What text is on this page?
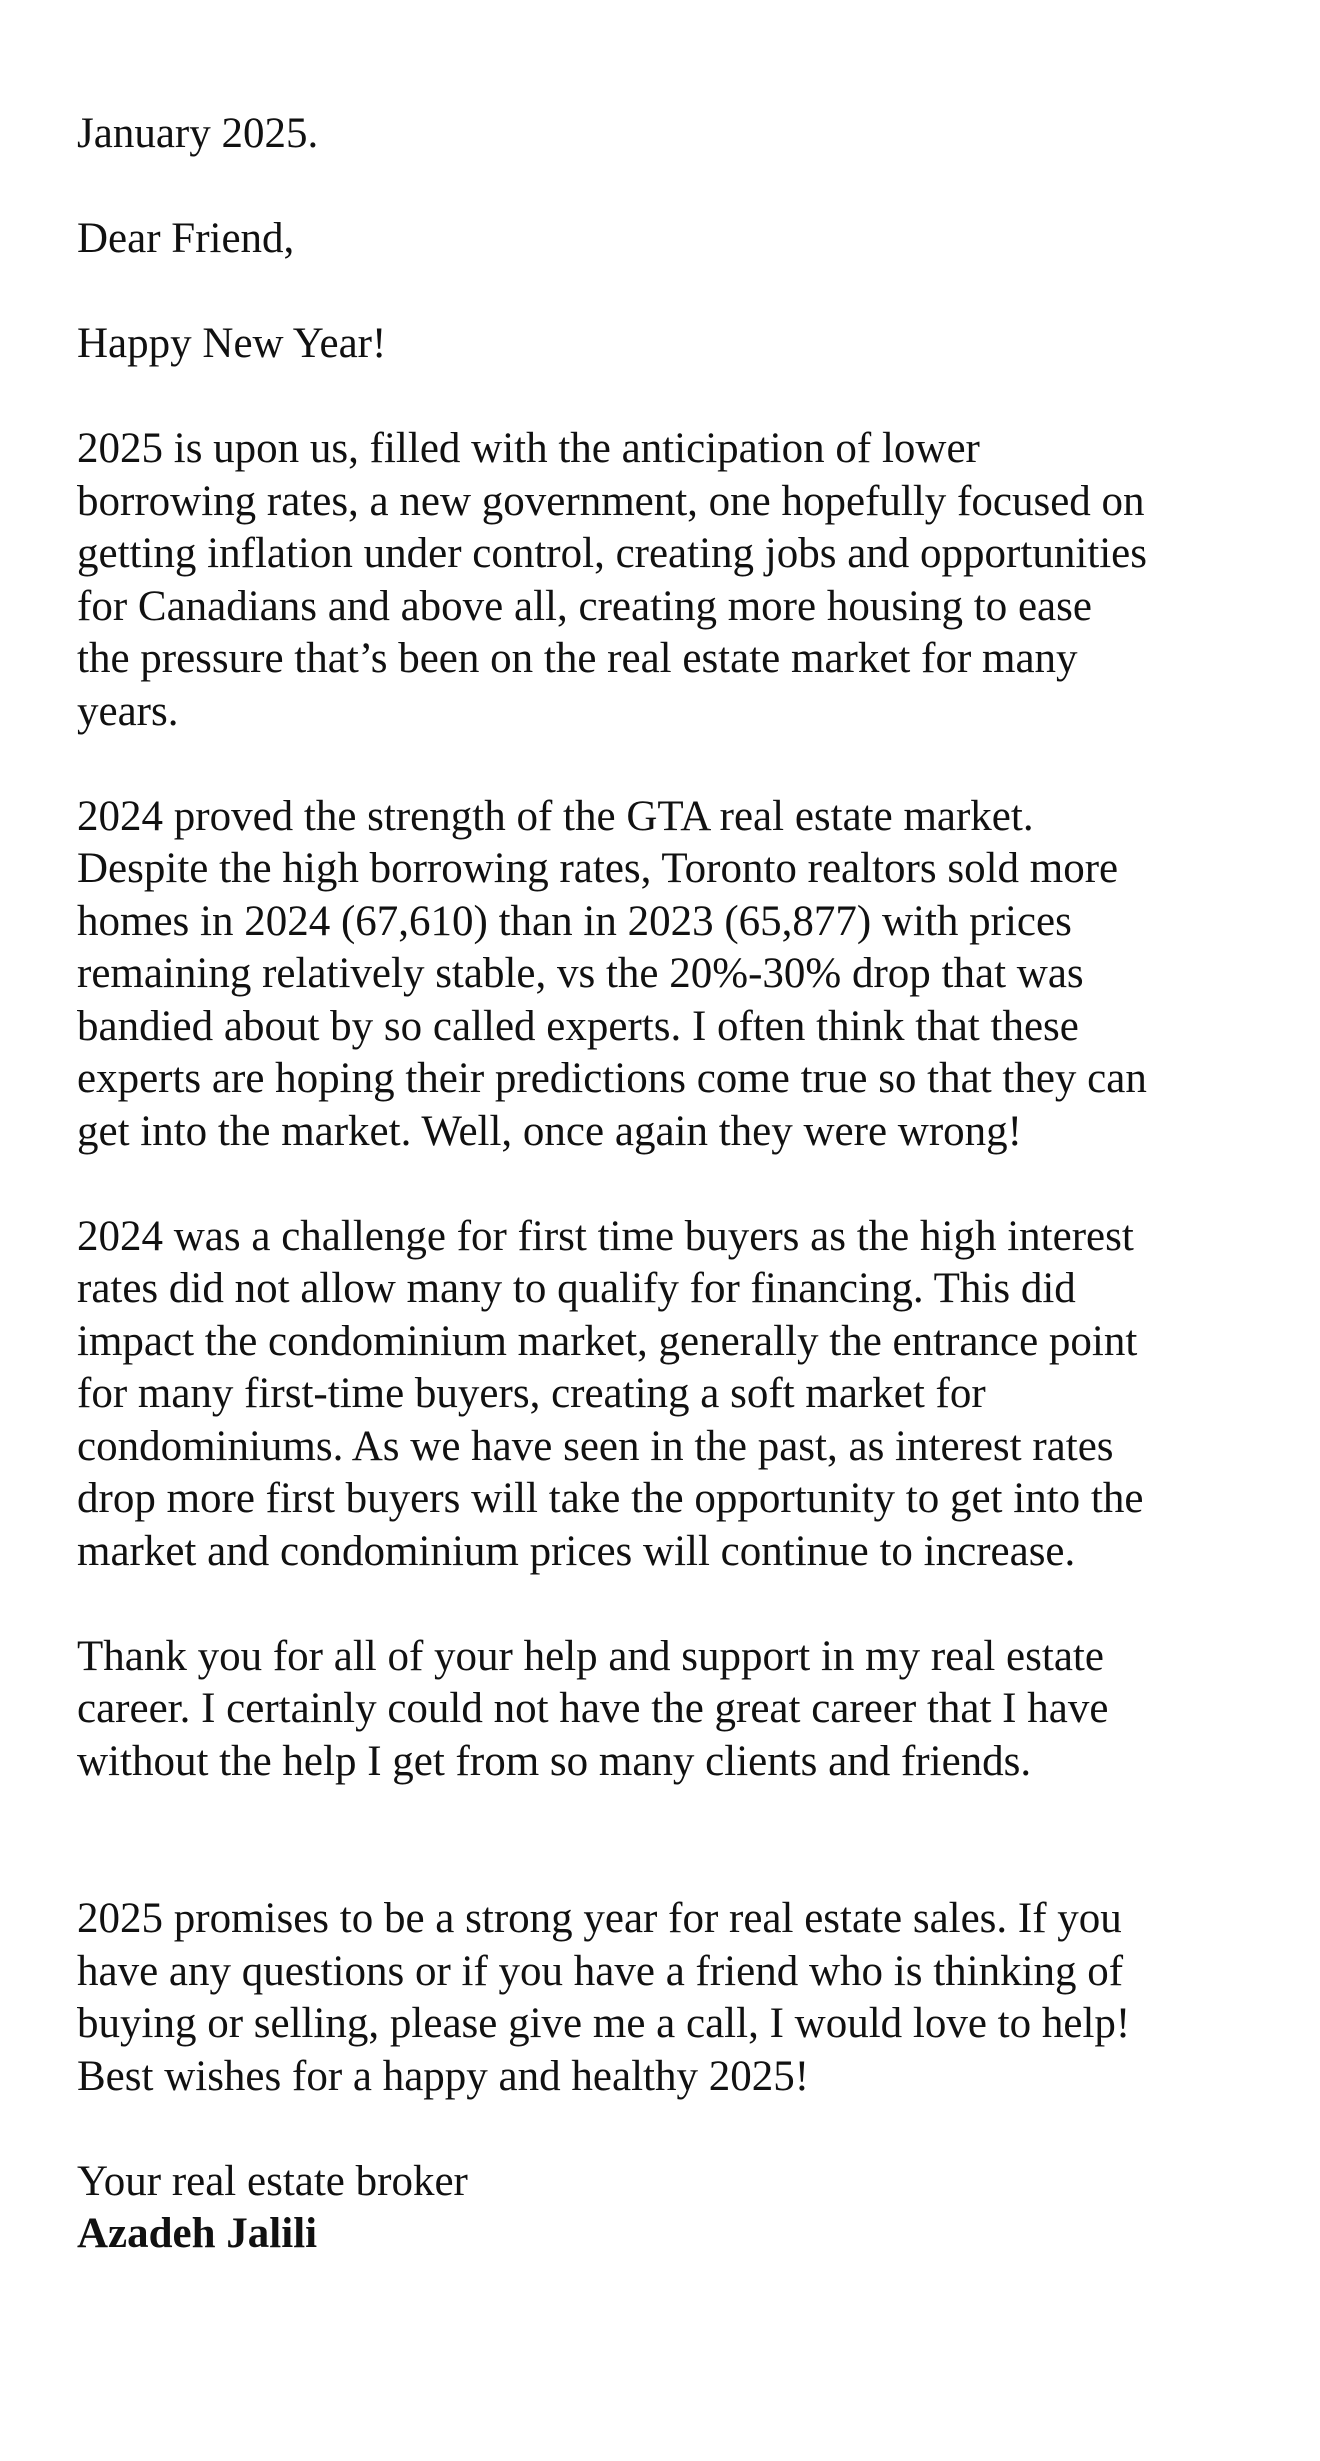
January 2025.

Dear Friend,

Happy New Year!

2025 is upon us, filled with the anticipation of lower
borrowing rates, a new government, one hopefully focused on
getting inflation under control, creating jobs and opportunities
for Canadians and above all, creating more housing to ease
the pressure that’s been on the real estate market for many
years.

2024 proved the strength of the GTA real estate market.
Despite the high borrowing rates, Toronto realtors sold more
homes in 2024 (67,610) than in 2023 (65,877) with prices
remaining relatively stable, vs the 20%-30% drop that was
bandied about by so called experts. I often think that these
experts are hoping their predictions come true so that they can
get into the market. Well, once again they were wrong!

2024 was a challenge for first time buyers as the high interest
rates did not allow many to qualify for financing. This did
impact the condominium market, generally the entrance point
for many first-time buyers, creating a soft market for
condominiums. As we have seen in the past, as interest rates
drop more first buyers will take the opportunity to get into the
market and condominium prices will continue to increase.

Thank you for all of your help and support in my real estate
career. I certainly could not have the great career that I have
without the help I get from so many clients and friends.

2025 promises to be a strong year for real estate sales. If you
have any questions or if you have a friend who is thinking of
buying or selling, please give me a call, I would love to help!
Best wishes for a happy and healthy 2025!

Your real estate broker

Azadeh Jalili
